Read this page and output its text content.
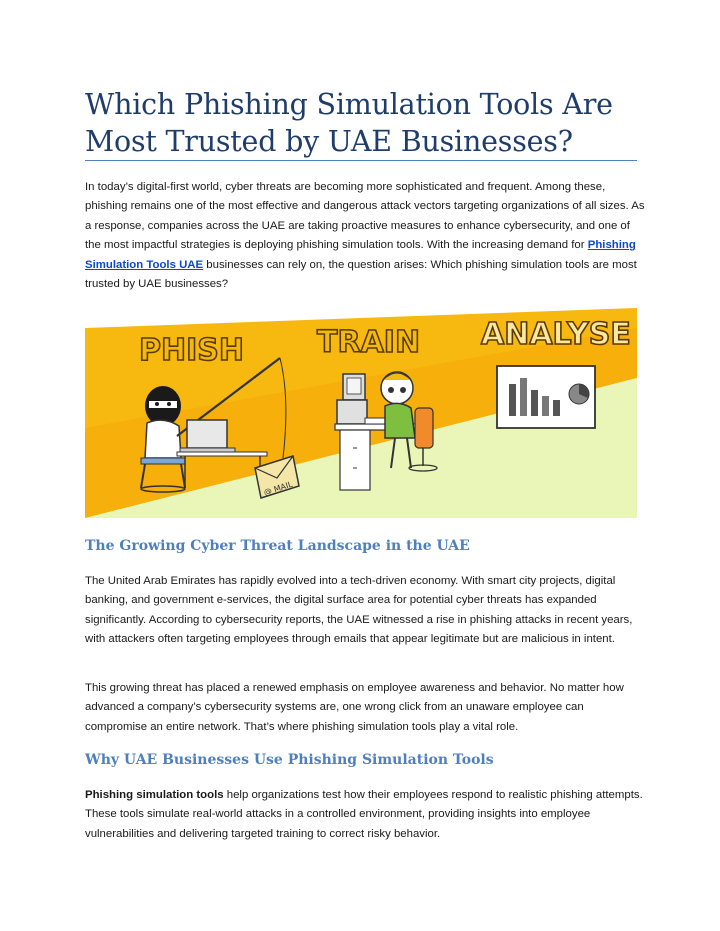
Which Phishing Simulation Tools Are Most Trusted by UAE Businesses?

In today’s digital-first world, cyber threats are becoming more sophisticated and frequent. Among these, phishing remains one of the most effective and dangerous attack vectors targeting organizations of all sizes. As a response, companies across the UAE are taking proactive measures to enhance cybersecurity, and one of the most impactful strategies is deploying phishing simulation tools. With the increasing demand for Phishing Simulation Tools UAE businesses can rely on, the question arises: Which phishing simulation tools are most trusted by UAE businesses?

PHISH TRAIN ANALYSE
@ MAIL
The Growing Cyber Threat Landscape in the UAE

The United Arab Emirates has rapidly evolved into a tech-driven economy. With smart city projects, digital banking, and government e-services, the digital surface area for potential cyber threats has expanded significantly. According to cybersecurity reports, the UAE witnessed a rise in phishing attacks in recent years, with attackers often targeting employees through emails that appear legitimate but are malicious in intent.

This growing threat has placed a renewed emphasis on employee awareness and behavior. No matter how advanced a company’s cybersecurity systems are, one wrong click from an unaware employee can compromise an entire network. That’s where phishing simulation tools play a vital role.

Why UAE Businesses Use Phishing Simulation Tools

Phishing simulation tools help organizations test how their employees respond to realistic phishing attempts. These tools simulate real-world attacks in a controlled environment, providing insights into employee vulnerabilities and delivering targeted training to correct risky behavior.
